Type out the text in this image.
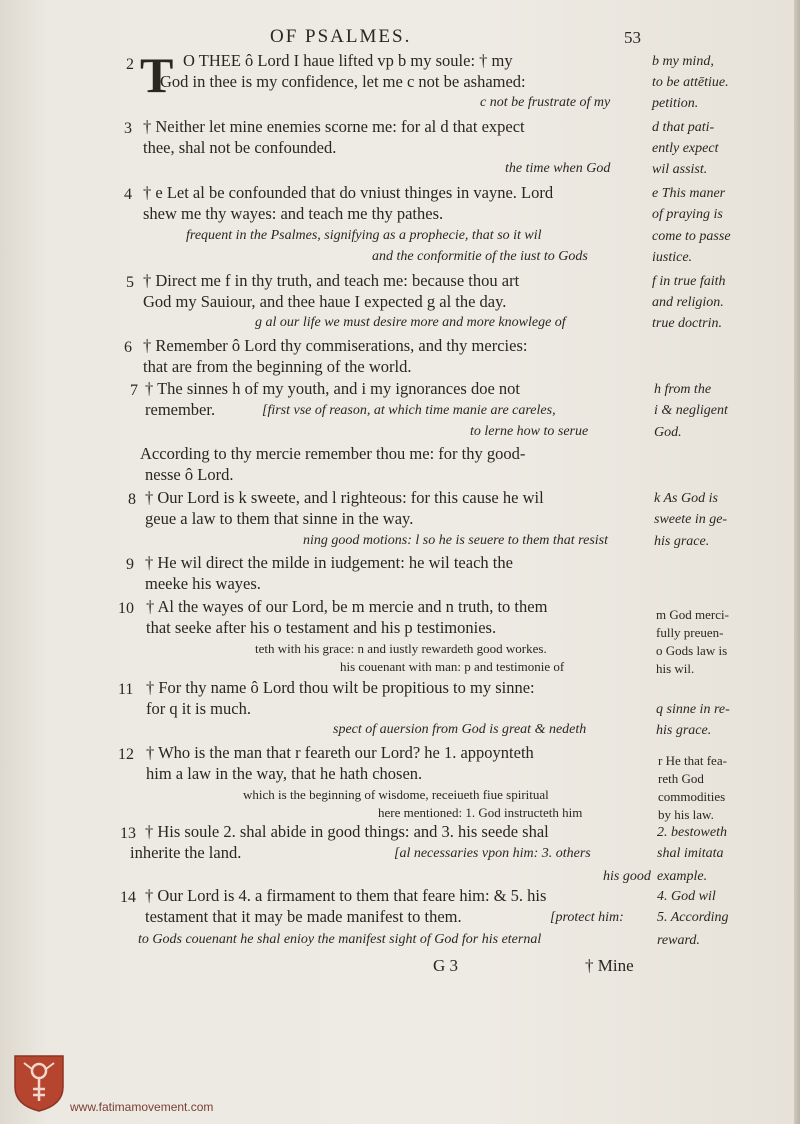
OF PSALMES.	53
T
2	O THEE ô Lord I haue lifted vp b my soule: † my
God in thee is my confidence, let me c not be ashamed:
b my mind,
to be attētiue.
c not be frustrate of my	petition.
3 † Neither let mine enemies scorne me: for al d that expect
thee, shal not be confounded.
d that pati-
ently expect
the time when God	wil assist.
4 † e Let al be confounded that do vniust thinges in vayne. Lord
shew me thy wayes: and teach me thy pathes.
e This maner
of praying is
frequent in the Psalmes, signifying as a prophecie, that so it wil	come to passe
and the conformitie of the iust to Gods	iustice.
5 † Direct me f in thy truth, and teach me: because thou art
God my Sauiour, and thee haue I expected g al the day.
f in true faith
and religion.
g al our life we must desire more and more knowlege of	true doctrin.
6 † Remember ô Lord thy commiserations, and thy mercies:
that are from the beginning of the world.
7 † The sinnes h of my youth, and i my ignorances doe not
remember.
h from the
i & negligent
[first vse of reason, at which time manie are careles,
to lerne how to serue	God.
According to thy mercie remember thou me: for thy good-
nesse ô Lord.
8 † Our Lord is k sweete, and l righteous: for this cause he wil
geue a law to them that sinne in the way.
k As God is
sweete in ge-
ning good motions: l so he is seuere to them that resist	his grace.
9 † He wil direct the milde in iudgement: he wil teach the
meeke his wayes.
10 † Al the wayes of our Lord, be m mercie and n truth, to them
that seeke after his o testament and his p testimonies.
m God merci-
fully preuen-
teth with his grace: n and iustly rewardeth good workes.	o Gods law is
his couenant with man: p and testimonie of	his wil.
11 † For thy name ô Lord thou wilt be propitious to my sinne:
for q it is much.	q sinne in re-
spect of auersion from God is great & nedeth	his grace.
12 † Who is the man that r feareth our Lord? he 1. appoynteth
him a law in the way, that he hath chosen.
r He that fea-
reth God
which is the beginning of wisdome, receiueth fiue spiritual	commodities
here mentioned: 1. God instructeth him	by his law.
13 † His soule 2. shal abide in good things: and 3. his seede shal
inherite the land.
2. bestoweth
[al necessaries vpon him: 3. others	shal imitata
his good example.
14 † Our Lord is 4. a firmament to them that feare him: & 5. his
testament that it may be made manifest to them.
4. God wil
[protect him: 5. According
to Gods couenant he shal enioy the manifest sight of God for his eternal	reward.
G 3	† Mine
www.fatimamovement.com
